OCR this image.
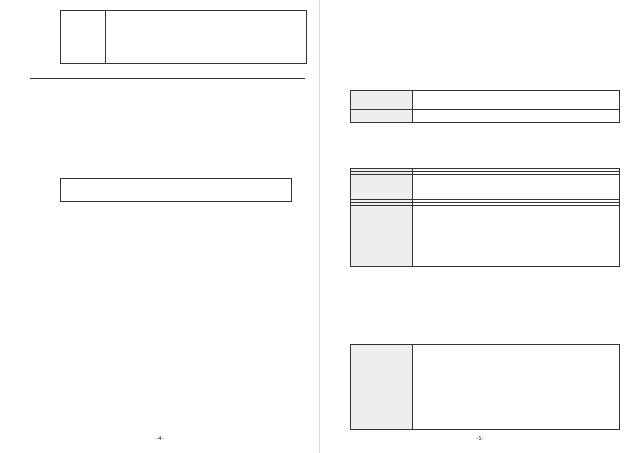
-4-

		-1-
